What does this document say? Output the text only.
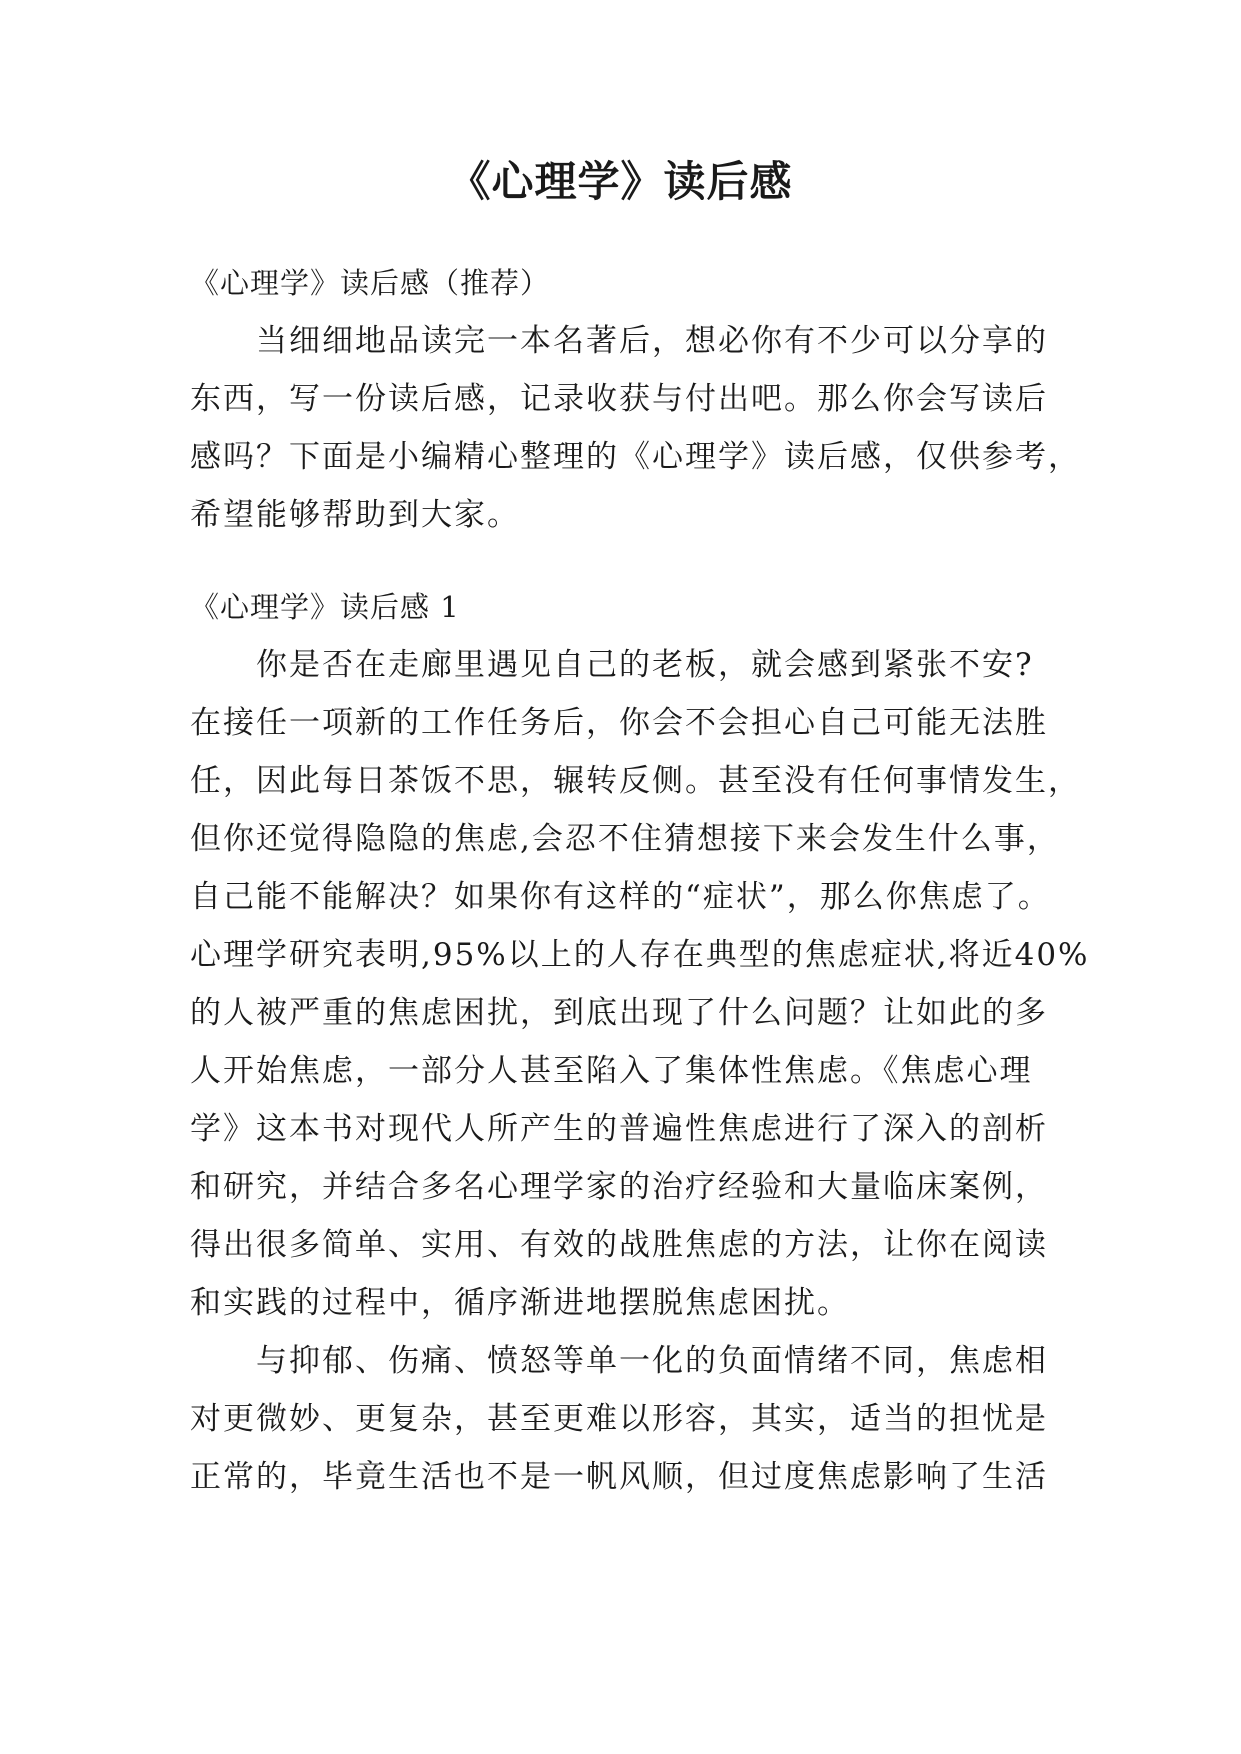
《心理学》读后感
《心理学》读后感（推荐）
当细细地品读完一本名著后，想必你有不少可以分享的
东西，写一份读后感，记录收获与付出吧。那么你会写读后
感吗？下面是小编精心整理的《心理学》读后感，仅供参考，
希望能够帮助到大家。
《心理学》读后感 1
你是否在走廊里遇见自己的老板，就会感到紧张不安?
在接任一项新的工作任务后，你会不会担心自己可能无法胜
任，因此每日茶饭不思，辗转反侧。甚至没有任何事情发生，
但你还觉得隐隐的焦虑,会忍不住猜想接下来会发生什么事，
自己能不能解决？如果你有这样的“症状”，那么你焦虑了。
心理学研究表明,95%以上的人存在典型的焦虑症状,将近40%
的人被严重的焦虑困扰，到底出现了什么问题？让如此的多
人开始焦虑，一部分人甚至陷入了集体性焦虑。《焦虑心理
学》这本书对现代人所产生的普遍性焦虑进行了深入的剖析
和研究，并结合多名心理学家的治疗经验和大量临床案例，
得出很多简单、实用、有效的战胜焦虑的方法，让你在阅读
和实践的过程中，循序渐进地摆脱焦虑困扰。
与抑郁、伤痛、愤怒等单一化的负面情绪不同，焦虑相
对更微妙、更复杂，甚至更难以形容，其实，适当的担忧是
正常的，毕竟生活也不是一帆风顺，但过度焦虑影响了生活
